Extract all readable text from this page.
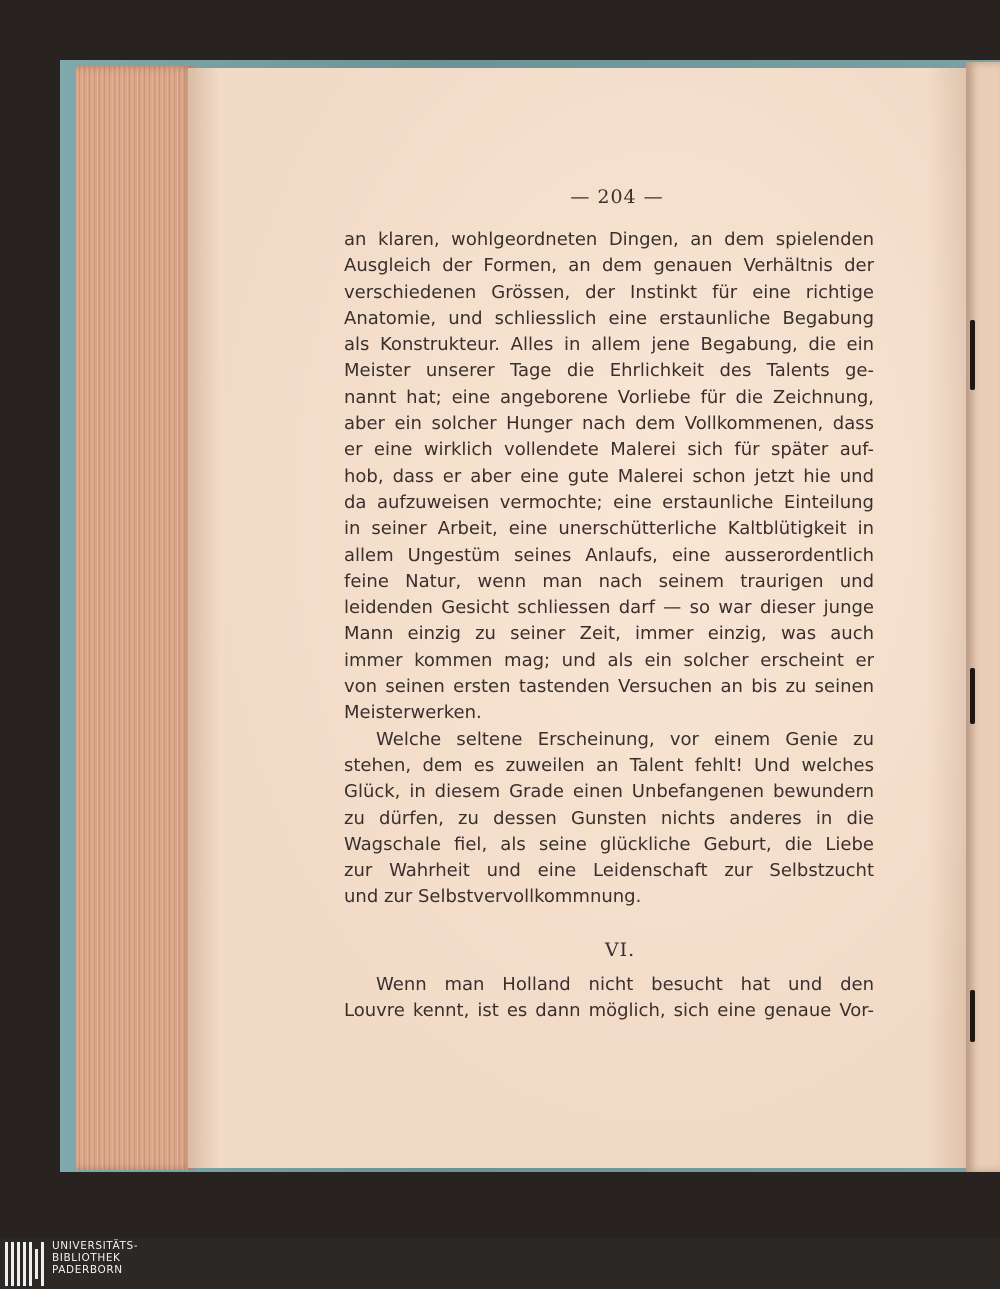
— 204 —
an klaren, wohlgeordneten Dingen, an dem spielenden
Ausgleich der Formen, an dem genauen Verhältnis der
verschiedenen Grössen, der Instinkt für eine richtige
Anatomie, und schliesslich eine erstaunliche Begabung
als Konstrukteur. Alles in allem jene Begabung, die ein
Meister unserer Tage die Ehrlichkeit des Talents ge-
nannt hat; eine angeborene Vorliebe für die Zeichnung,
aber ein solcher Hunger nach dem Vollkommenen, dass
er eine wirklich vollendete Malerei sich für später auf-
hob, dass er aber eine gute Malerei schon jetzt hie und
da aufzuweisen vermochte; eine erstaunliche Einteilung
in seiner Arbeit, eine unerschütterliche Kaltblütigkeit in
allem Ungestüm seines Anlaufs, eine ausserordentlich
feine Natur, wenn man nach seinem traurigen und
leidenden Gesicht schliessen darf — so war dieser junge
Mann einzig zu seiner Zeit, immer einzig, was auch
immer kommen mag; und als ein solcher erscheint er
von seinen ersten tastenden Versuchen an bis zu seinen
Meisterwerken.
Welche seltene Erscheinung, vor einem Genie zu
stehen, dem es zuweilen an Talent fehlt! Und welches
Glück, in diesem Grade einen Unbefangenen bewundern
zu dürfen, zu dessen Gunsten nichts anderes in die
Wagschale fiel, als seine glückliche Geburt, die Liebe
zur Wahrheit und eine Leidenschaft zur Selbstzucht
und zur Selbstvervollkommnung.
VI.
Wenn man Holland nicht besucht hat und den
Louvre kennt, ist es dann möglich, sich eine genaue Vor-
UNIVERSITÄTS-
BIBLIOTHEK
PADERBORN
